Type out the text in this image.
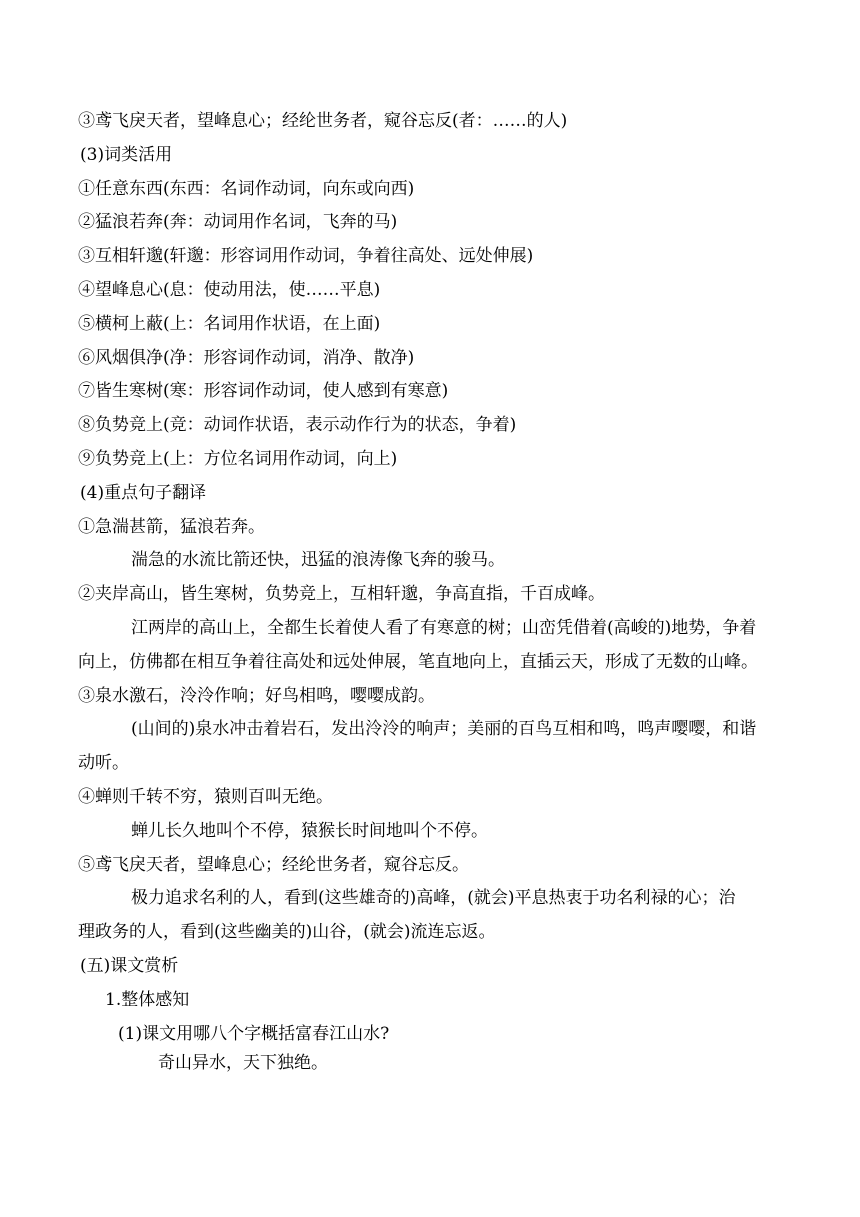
③鸢飞戾天者，望峰息心；经纶世务者，窥谷忘反(者：……的人)
(3)词类活用
①任意东西(东西：名词作动词，向东或向西)
②猛浪若奔(奔：动词用作名词，飞奔的马)
③互相轩邈(轩邈：形容词用作动词，争着往高处、远处伸展)
④望峰息心(息：使动用法，使……平息)
⑤横柯上蔽(上：名词用作状语，在上面)
⑥风烟俱净(净：形容词作动词，消净、散净)
⑦皆生寒树(寒：形容词作动词，使人感到有寒意)
⑧负势竞上(竞：动词作状语，表示动作行为的状态，争着)
⑨负势竞上(上：方位名词用作动词，向上)
(4)重点句子翻译
①急湍甚箭，猛浪若奔。
湍急的水流比箭还快，迅猛的浪涛像飞奔的骏马。
②夹岸高山，皆生寒树，负势竞上，互相轩邈，争高直指，千百成峰。
江两岸的高山上，全都生长着使人看了有寒意的树；山峦凭借着(高峻的)地势，争着
向上，仿佛都在相互争着往高处和远处伸展，笔直地向上，直插云天，形成了无数的山峰。
③泉水激石，泠泠作响；好鸟相鸣，嘤嘤成韵。
(山间的)泉水冲击着岩石，发出泠泠的响声；美丽的百鸟互相和鸣，鸣声嘤嘤，和谐
动听。
④蝉则千转不穷，猿则百叫无绝。
蝉儿长久地叫个不停，猿猴长时间地叫个不停。
⑤鸢飞戾天者，望峰息心；经纶世务者，窥谷忘反。
极力追求名利的人，看到(这些雄奇的)高峰，(就会)平息热衷于功名利禄的心；治
理政务的人，看到(这些幽美的)山谷，(就会)流连忘返。
(五)课文赏析
1.整体感知
(1)课文用哪八个字概括富春江山水?
奇山异水，天下独绝。
